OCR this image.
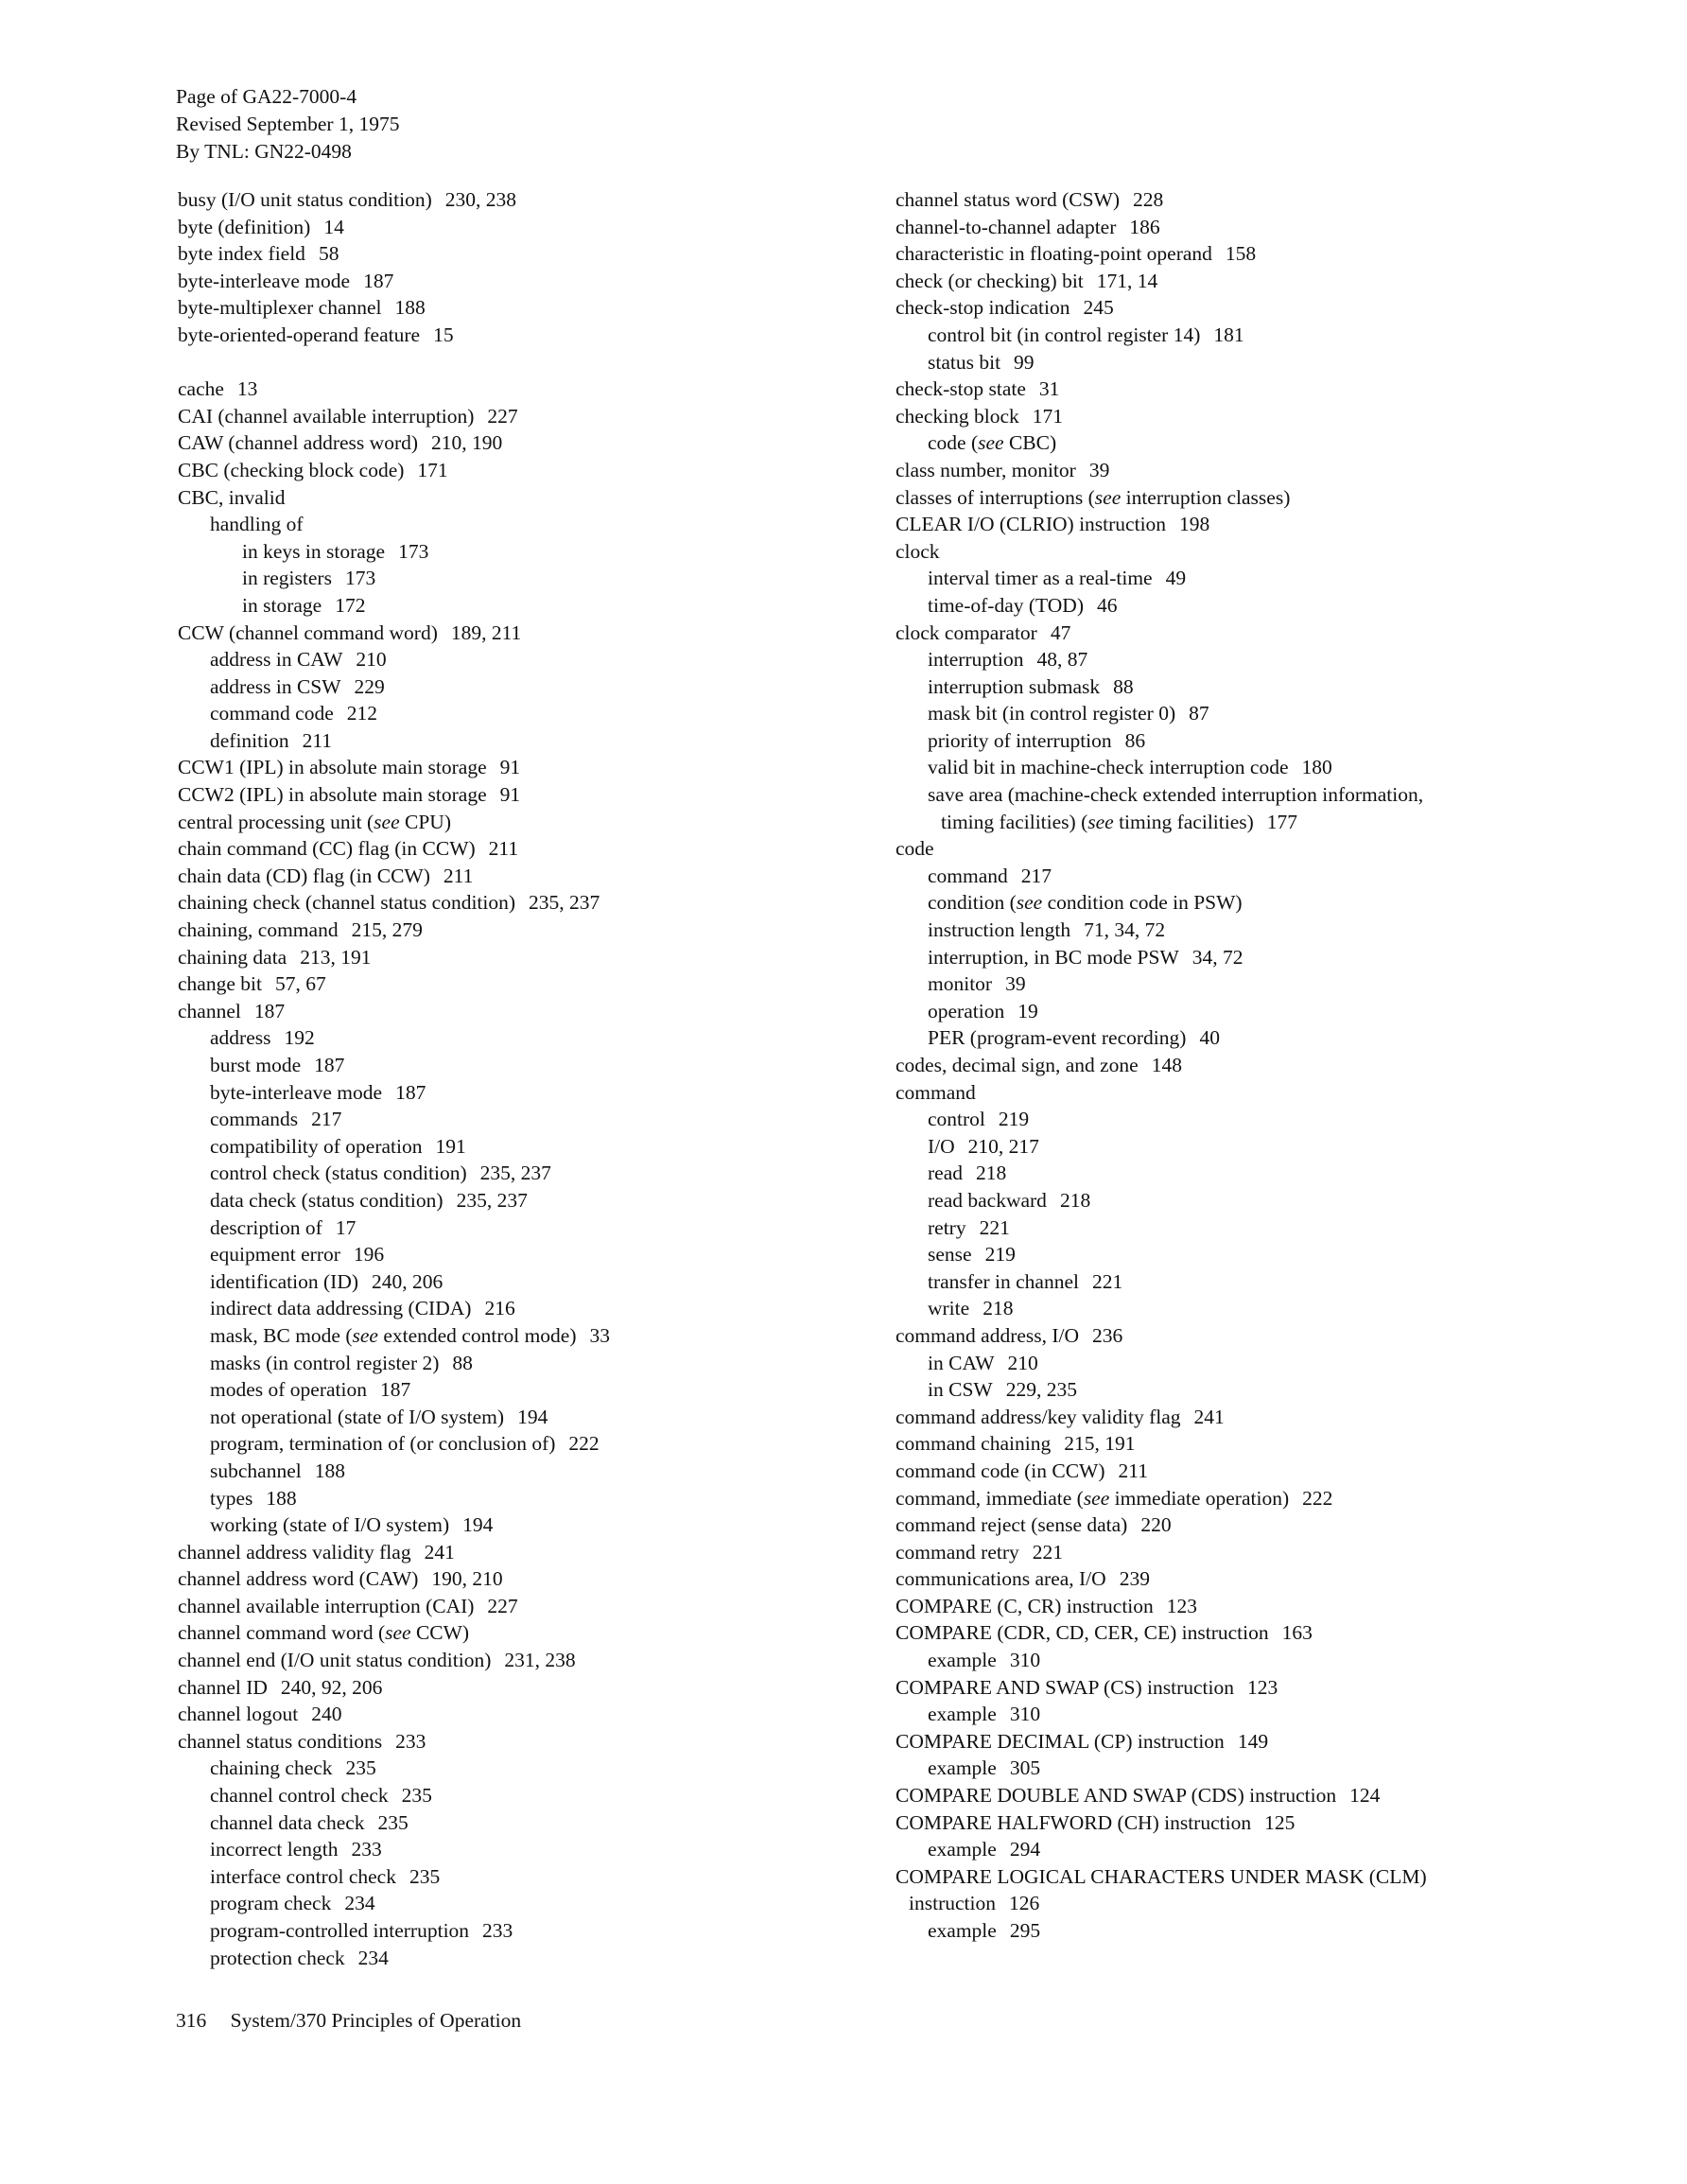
Page of GA22-7000-4
Revised September 1, 1975
By TNL: GN22-0498
busy (I/O unit status condition) 230, 238
byte (definition) 14
byte index field 58
byte-interleave mode 187
byte-multiplexer channel 188
byte-oriented-operand feature 15
cache 13
CAI (channel available interruption) 227
CAW (channel address word) 210, 190
CBC (checking block code) 171
CBC, invalid
handling of
in keys in storage 173
in registers 173
in storage 172
CCW (channel command word) 189, 211
address in CAW 210
address in CSW 229
command code 212
definition 211
CCW1 (IPL) in absolute main storage 91
CCW2 (IPL) in absolute main storage 91
central processing unit (see CPU)
chain command (CC) flag (in CCW) 211
chain data (CD) flag (in CCW) 211
chaining check (channel status condition) 235, 237
chaining, command 215, 279
chaining data 213, 191
change bit 57, 67
channel 187
address 192
burst mode 187
byte-interleave mode 187
commands 217
compatibility of operation 191
control check (status condition) 235, 237
data check (status condition) 235, 237
description of 17
equipment error 196
identification (ID) 240, 206
indirect data addressing (CIDA) 216
mask, BC mode (see extended control mode) 33
masks (in control register 2) 88
modes of operation 187
not operational (state of I/O system) 194
program, termination of (or conclusion of) 222
subchannel 188
types 188
working (state of I/O system) 194
channel address validity flag 241
channel address word (CAW) 190, 210
channel available interruption (CAI) 227
channel command word (see CCW)
channel end (I/O unit status condition) 231, 238
channel ID 240, 92, 206
channel logout 240
channel status conditions 233
chaining check 235
channel control check 235
channel data check 235
incorrect length 233
interface control check 235
program check 234
program-controlled interruption 233
protection check 234
channel status word (CSW) 228
channel-to-channel adapter 186
characteristic in floating-point operand 158
check (or checking) bit 171, 14
check-stop indication 245
control bit (in control register 14) 181
status bit 99
check-stop state 31
checking block 171
code (see CBC)
class number, monitor 39
classes of interruptions (see interruption classes)
CLEAR I/O (CLRIO) instruction 198
clock
interval timer as a real-time 49
time-of-day (TOD) 46
clock comparator 47
interruption 48, 87
interruption submask 88
mask bit (in control register 0) 87
priority of interruption 86
valid bit in machine-check interruption code 180
save area (machine-check extended interruption information,
timing facilities) (see timing facilities) 177
code
command 217
condition (see condition code in PSW)
instruction length 71, 34, 72
interruption, in BC mode PSW 34, 72
monitor 39
operation 19
PER (program-event recording) 40
codes, decimal sign, and zone 148
command
control 219
I/O 210, 217
read 218
read backward 218
retry 221
sense 219
transfer in channel 221
write 218
command address, I/O 236
in CAW 210
in CSW 229, 235
command address/key validity flag 241
command chaining 215, 191
command code (in CCW) 211
command, immediate (see immediate operation) 222
command reject (sense data) 220
command retry 221
communications area, I/O 239
COMPARE (C, CR) instruction 123
COMPARE (CDR, CD, CER, CE) instruction 163
example 310
COMPARE AND SWAP (CS) instruction 123
example 310
COMPARE DECIMAL (CP) instruction 149
example 305
COMPARE DOUBLE AND SWAP (CDS) instruction 124
COMPARE HALFWORD (CH) instruction 125
example 294
COMPARE LOGICAL CHARACTERS UNDER MASK (CLM)
instruction 126
example 295
316 System/370 Principles of Operation
